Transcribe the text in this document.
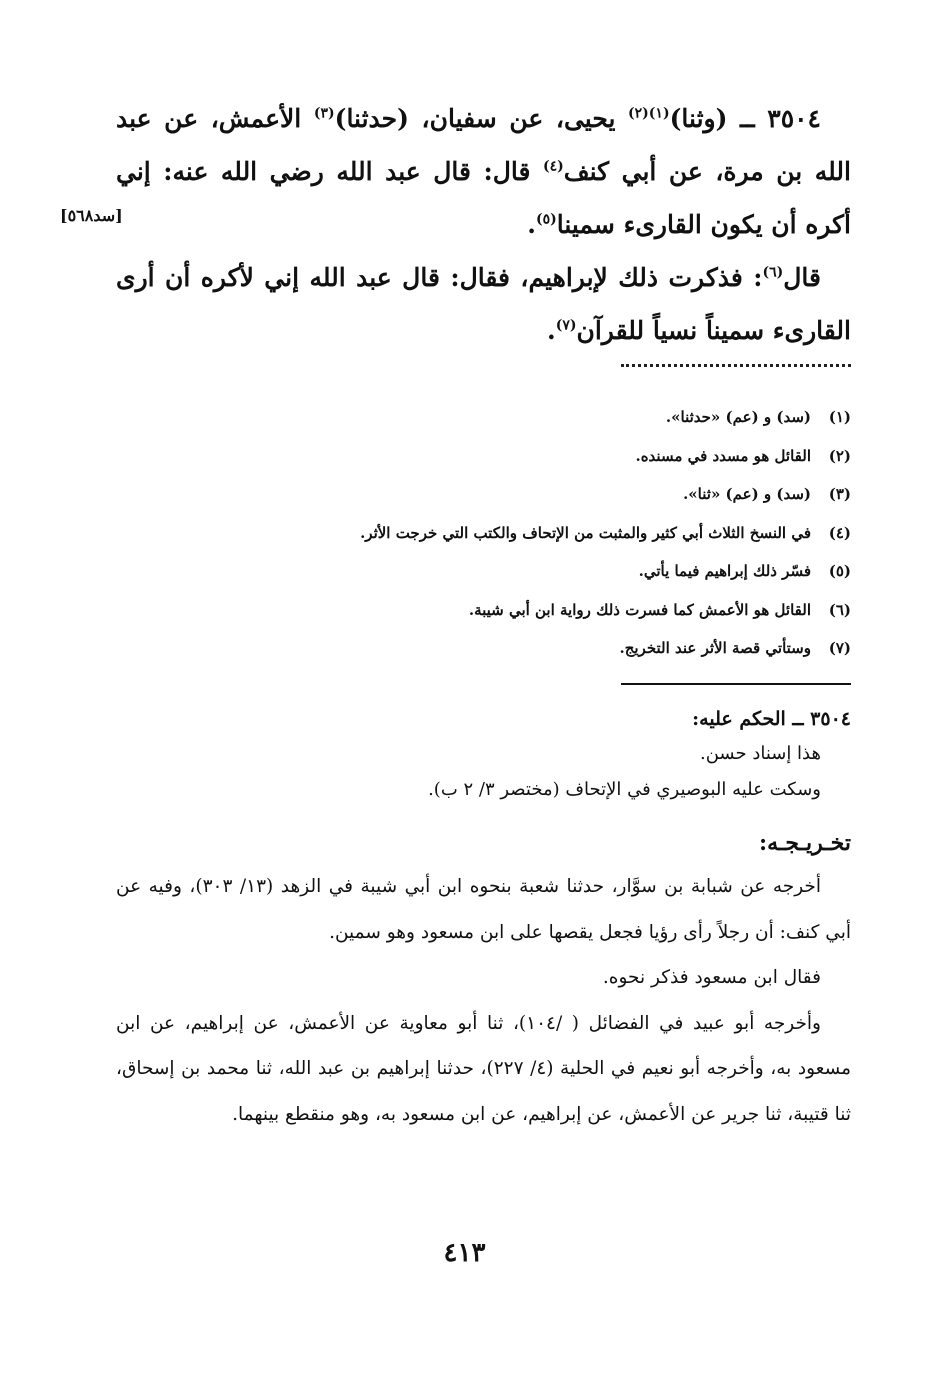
٣٥٠٤ ــ (وثنا)$^{(١)(٢)}$ يحيى، عن سفيان، (حدثنا)$^{(٣)}$ الأعمش، عن عبد الله بن مرة، عن أبي كنف$^{(٤)}$ قال: قال عبد الله رضي الله عنه: إني أكره أن يكون القارىء سمينا$^{(٥)}$.

قال$^{(٦)}$: فذكرت ذلك لإبراهيم، فقال: قال عبد الله إني لأكره أن أرى القارىء سميناً نسياً للقرآن$^{(٧)}$.

[سد٥٦٨]
(١)(سد) و (عم) «حدثنا».
(٢)القائل هو مسدد في مسنده.
(٣)(سد) و (عم) «ثنا».
(٤)في النسخ الثلاث أبي كثير والمثبت من الإتحاف والكتب التي خرجت الأثر.
(٥)فسّر ذلك إبراهيم فيما يأتي.
(٦)القائل هو الأعمش كما فسرت ذلك رواية ابن أبي شيبة.
(٧)وستأتي قصة الأثر عند التخريج.
٣٥٠٤ ــ الحكم عليه:
هذا إسناد حسن.
وسكت عليه البوصيري في الإتحاف (مختصر ٣/ ٢ ب).
تخـريـجـه:

أخرجه عن شبابة بن سوَّار، حدثنا شعبة بنحوه ابن أبي شيبة في الزهد (١٣/ ٣٠٣)، وفيه عن أبي كنف: أن رجلاً رأى رؤيا فجعل يقصها على ابن مسعود وهو سمين.

فقال ابن مسعود فذكر نحوه.

وأخرجه أبو عبيد في الفضائل ( /١٠٤)، ثنا أبو معاوية عن الأعمش، عن إبراهيم، عن ابن مسعود به، وأخرجه أبو نعيم في الحلية (٤/ ٢٢٧)، حدثنا إبراهيم بن عبد الله، ثنا محمد بن إسحاق، ثنا قتيبة، ثنا جرير عن الأعمش، عن إبراهيم، عن ابن مسعود به، وهو منقطع بينهما.

٤١٣
